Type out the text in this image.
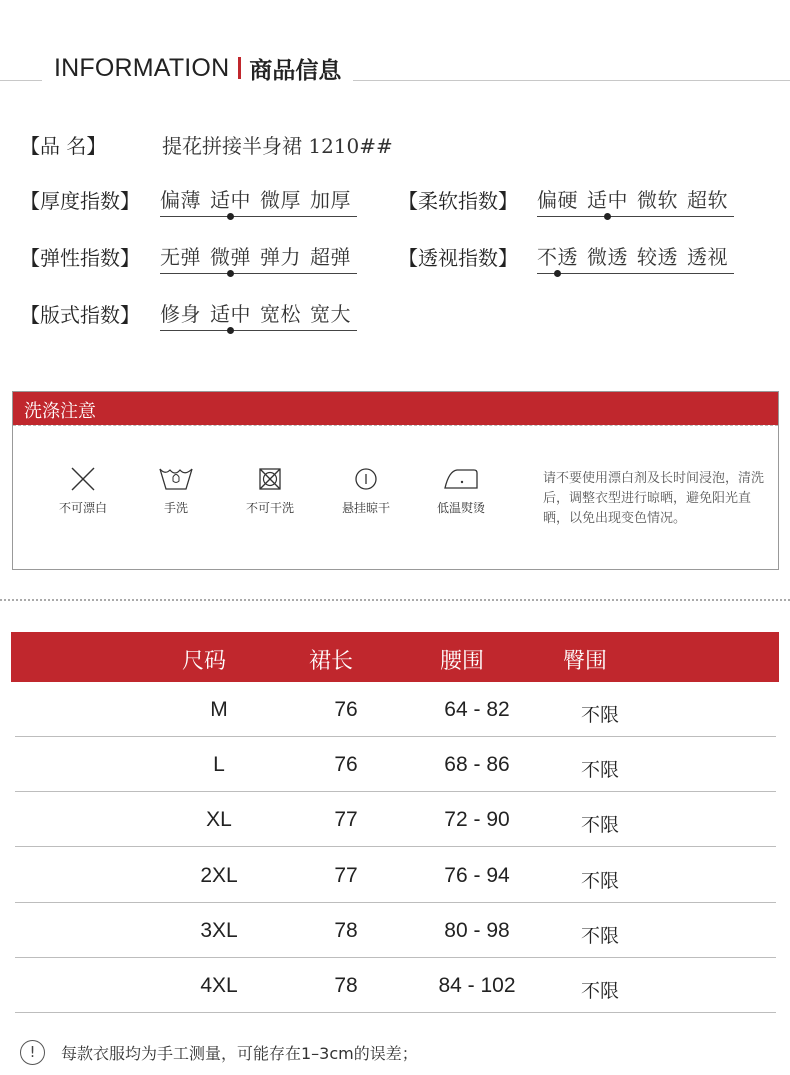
INFORMATION 商品信息
【品 名】	提花拼接半身裙 1210##
【厚度指数】 偏薄 适中 微厚 加厚 【柔软指数】 偏硬 适中 微软 超软
【弹性指数】 无弹 微弹 弹力 超弹 【透视指数】 不透 微透 较透 透视
【版式指数】 修身 适中 宽松 宽大
洗涤注意
不可漂白	手洗	不可干洗	悬挂晾干	低温熨烫
请不要使用漂白剂及长时间浸泡，清洗后，调整衣型进行晾晒，避免阳光直晒，以免出现变色情况。
尺码	裙长	腰围	臀围
M	76	64 - 82	不限
L	76	68 - 86	不限
XL	77	72 - 90	不限
2XL	77	76 - 94	不限
3XL	78	80 - 98	不限
4XL	78	84 - 102	不限
!	每款衣服均为手工测量，可能存在1–3cm的误差；
